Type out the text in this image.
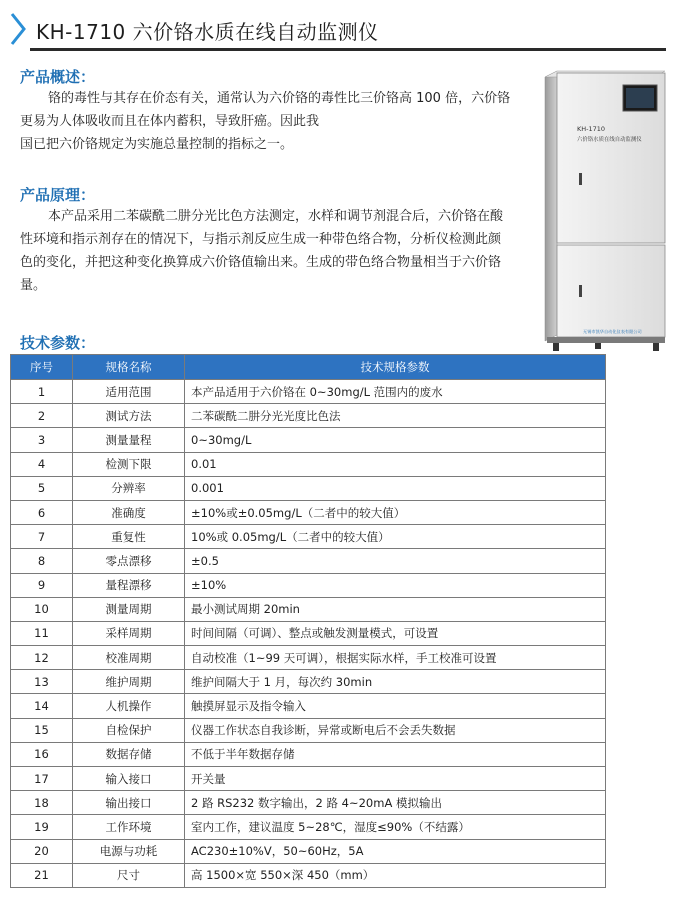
KH-1710 六价铬水质在线自动监测仪
产品概述：
铬的毒性与其存在价态有关，通常认为六价铬的毒性比三价铬高 100 倍，六价铬
更易为人体吸收而且在体内蓄积，导致肝癌。因此我
国已把六价铬规定为实施总量控制的指标之一。
产品原理：
本产品采用二苯碳酰二肼分光比色方法测定，水样和调节剂混合后，六价铬在酸
性环境和指示剂存在的情况下，与指示剂反应生成一种带色络合物，分析仪检测此颜
色的变化，并把这种变化换算成六价铬值输出来。生成的带色络合物量相当于六价铬
量。
KH-1710
六价铬水质在线自动监测仪
无锡市凯华自动化仪表有限公司
技术参数：
序号	规格名称	技术规格参数
1	适用范围	本产品适用于六价铬在 0~30mg/L 范围内的废水
2	测试方法	二苯碳酰二肼分光光度比色法
3	测量量程	0~30mg/L
4	检测下限	0.01
5	分辨率	0.001
6	准确度	±10%或±0.05mg/L（二者中的较大值）
7	重复性	10%或 0.05mg/L（二者中的较大值）
8	零点漂移	±0.5
9	量程漂移	±10%
10	测量周期	最小测试周期 20min
11	采样周期	时间间隔（可调）、整点或触发测量模式，可设置
12	校准周期	自动校准（1~99 天可调），根据实际水样，手工校准可设置
13	维护周期	维护间隔大于 1 月，每次约 30min
14	人机操作	触摸屏显示及指令输入
15	自检保护	仪器工作状态自我诊断，异常或断电后不会丢失数据
16	数据存储	不低于半年数据存储
17	输入接口	开关量
18	输出接口	2 路 RS232 数字输出，2 路 4~20mA 模拟输出
19	工作环境	室内工作，建议温度 5~28℃，湿度≤90%（不结露）
20	电源与功耗	AC230±10%V，50~60Hz，5A
21	尺寸	高 1500×宽 550×深 450（mm）
